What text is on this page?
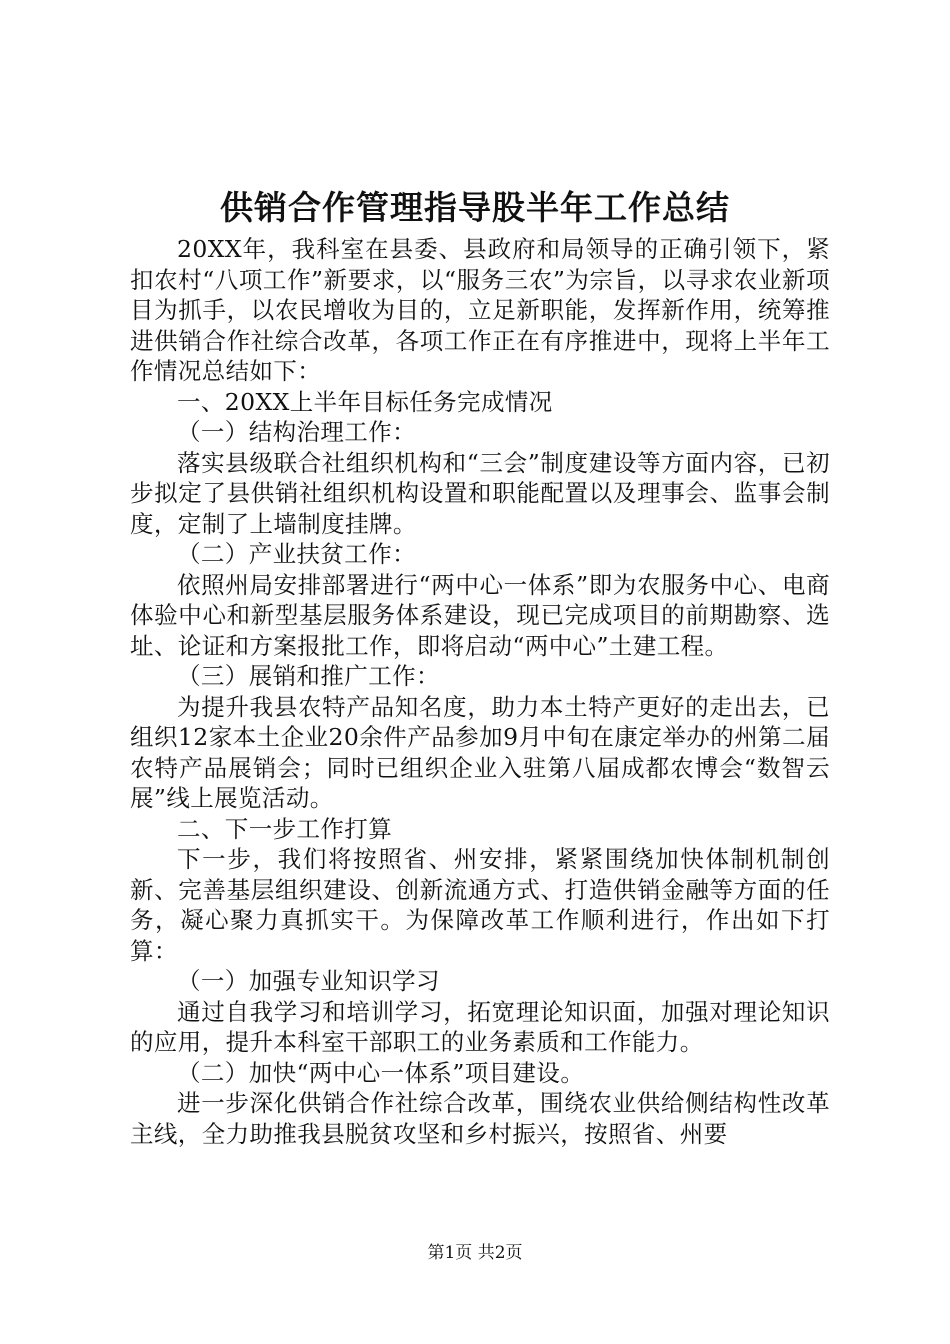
供销合作管理指导股半年工作总结

20XX年，我科室在县委、县政府和局领导的正确引领下，紧扣农村“八项工作”新要求，以“服务三农”为宗旨，以寻求农业新项目为抓手，以农民增收为目的，立足新职能，发挥新作用，统筹推进供销合作社综合改革，各项工作正在有序推进中，现将上半年工作情况总结如下：

一、20XX上半年目标任务完成情况

（一）结构治理工作：

落实县级联合社组织机构和“三会”制度建设等方面内容，已初步拟定了县供销社组织机构设置和职能配置以及理事会、监事会制度，定制了上墙制度挂牌。

（二）产业扶贫工作：

依照州局安排部署进行“两中心一体系”即为农服务中心、电商体验中心和新型基层服务体系建设，现已完成项目的前期勘察、选址、论证和方案报批工作，即将启动“两中心”土建工程。

（三）展销和推广工作：

为提升我县农特产品知名度，助力本土特产更好的走出去，已组织12家本土企业20余件产品参加9月中旬在康定举办的州第二届农特产品展销会；同时已组织企业入驻第八届成都农博会“数智云展”线上展览活动。

二、下一步工作打算

下一步，我们将按照省、州安排，紧紧围绕加快体制机制创新、完善基层组织建设、创新流通方式、打造供销金融等方面的任务，凝心聚力真抓实干。为保障改革工作顺利进行，作出如下打算：

（一）加强专业知识学习

通过自我学习和培训学习，拓宽理论知识面，加强对理论知识的应用，提升本科室干部职工的业务素质和工作能力。

（二）加快“两中心一体系”项目建设。

进一步深化供销合作社综合改革，围绕农业供给侧结构性改革主线，全力助推我县脱贫攻坚和乡村振兴，按照省、州要

第1页 共2页
